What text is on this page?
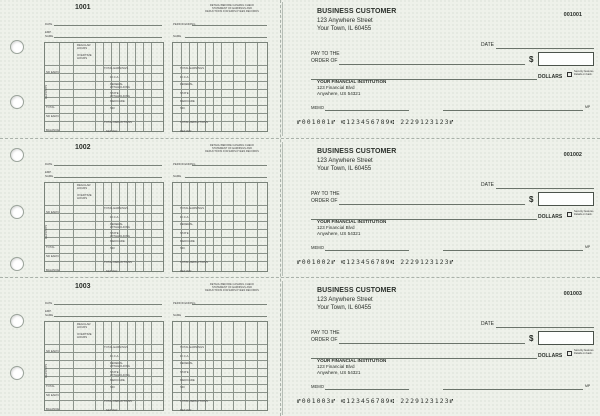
1001	DETACH BEFORE CASHING CHECK
STATEMENT OF EARNINGS AND
DEDUCTIONS FOR EMPLOYEES RECORDS
DATE
EMP.
NAME
PERIOD ENDING
NAME
REGULAR
HOURS
OVERTIME
HOURS
ND EARN
DEPOSITS
TOTAL
ND EARN
BALANCE
TOTAL EARNINGS
F.I.C.A.
FEDERAL
WITHHOLDING
STATE
WITHHOLDING
MEDICARE
SDI
TOTAL DEDUCTIONS
NET PAY
TOTAL EARNINGS
F.I.C.A.
FEDERAL
STATE
MEDICARE
SDI
TOTAL DEDUCTIONS
NET PAY
BUSINESS CUSTOMER
123 Anywhere Street
Your Town, IL 60455
001001
DATE
PAY TO THE
ORDER OF	$
DOLLARS
Security features. Details on back.
YOUR FINANCIAL INSTITUTION
123 Financial Blvd
Anywhere, US 54321
MEMO	MP
⑈001001⑈ ⑆123456789⑆ 2229123123⑈
1002	DETACH BEFORE CASHING CHECK
STATEMENT OF EARNINGS AND
DEDUCTIONS FOR EMPLOYEES RECORDS
DATE
EMP.
NAME
PERIOD ENDING
NAME
REGULAR
HOURS
OVERTIME
HOURS
ND EARN
DEPOSITS
TOTAL
ND EARN
BALANCE
TOTAL EARNINGS
F.I.C.A.
FEDERAL
WITHHOLDING
STATE
WITHHOLDING
MEDICARE
SDI
TOTAL DEDUCTIONS
NET PAY
TOTAL EARNINGS
F.I.C.A.
FEDERAL
STATE
MEDICARE
SDI
TOTAL DEDUCTIONS
NET PAY
BUSINESS CUSTOMER
123 Anywhere Street
Your Town, IL 60455
001002
DATE
PAY TO THE
ORDER OF	$
DOLLARS
Security features. Details on back.
YOUR FINANCIAL INSTITUTION
123 Financial Blvd
Anywhere, US 54321
MEMO	MP
⑈001002⑈ ⑆123456789⑆ 2229123123⑈
1003	DETACH BEFORE CASHING CHECK
STATEMENT OF EARNINGS AND
DEDUCTIONS FOR EMPLOYEES RECORDS
DATE
EMP.
NAME
PERIOD ENDING
NAME
REGULAR
HOURS
OVERTIME
HOURS
ND EARN
DEPOSITS
TOTAL
ND EARN
BALANCE
TOTAL EARNINGS
F.I.C.A.
FEDERAL
WITHHOLDING
STATE
WITHHOLDING
MEDICARE
SDI
TOTAL DEDUCTIONS
NET PAY
TOTAL EARNINGS
F.I.C.A.
FEDERAL
STATE
MEDICARE
SDI
TOTAL DEDUCTIONS
NET PAY
BUSINESS CUSTOMER
123 Anywhere Street
Your Town, IL 60455
001003
DATE
PAY TO THE
ORDER OF	$
DOLLARS
Security features. Details on back.
YOUR FINANCIAL INSTITUTION
123 Financial Blvd
Anywhere, US 54321
MEMO	MP
⑈001003⑈ ⑆123456789⑆ 2229123123⑈
